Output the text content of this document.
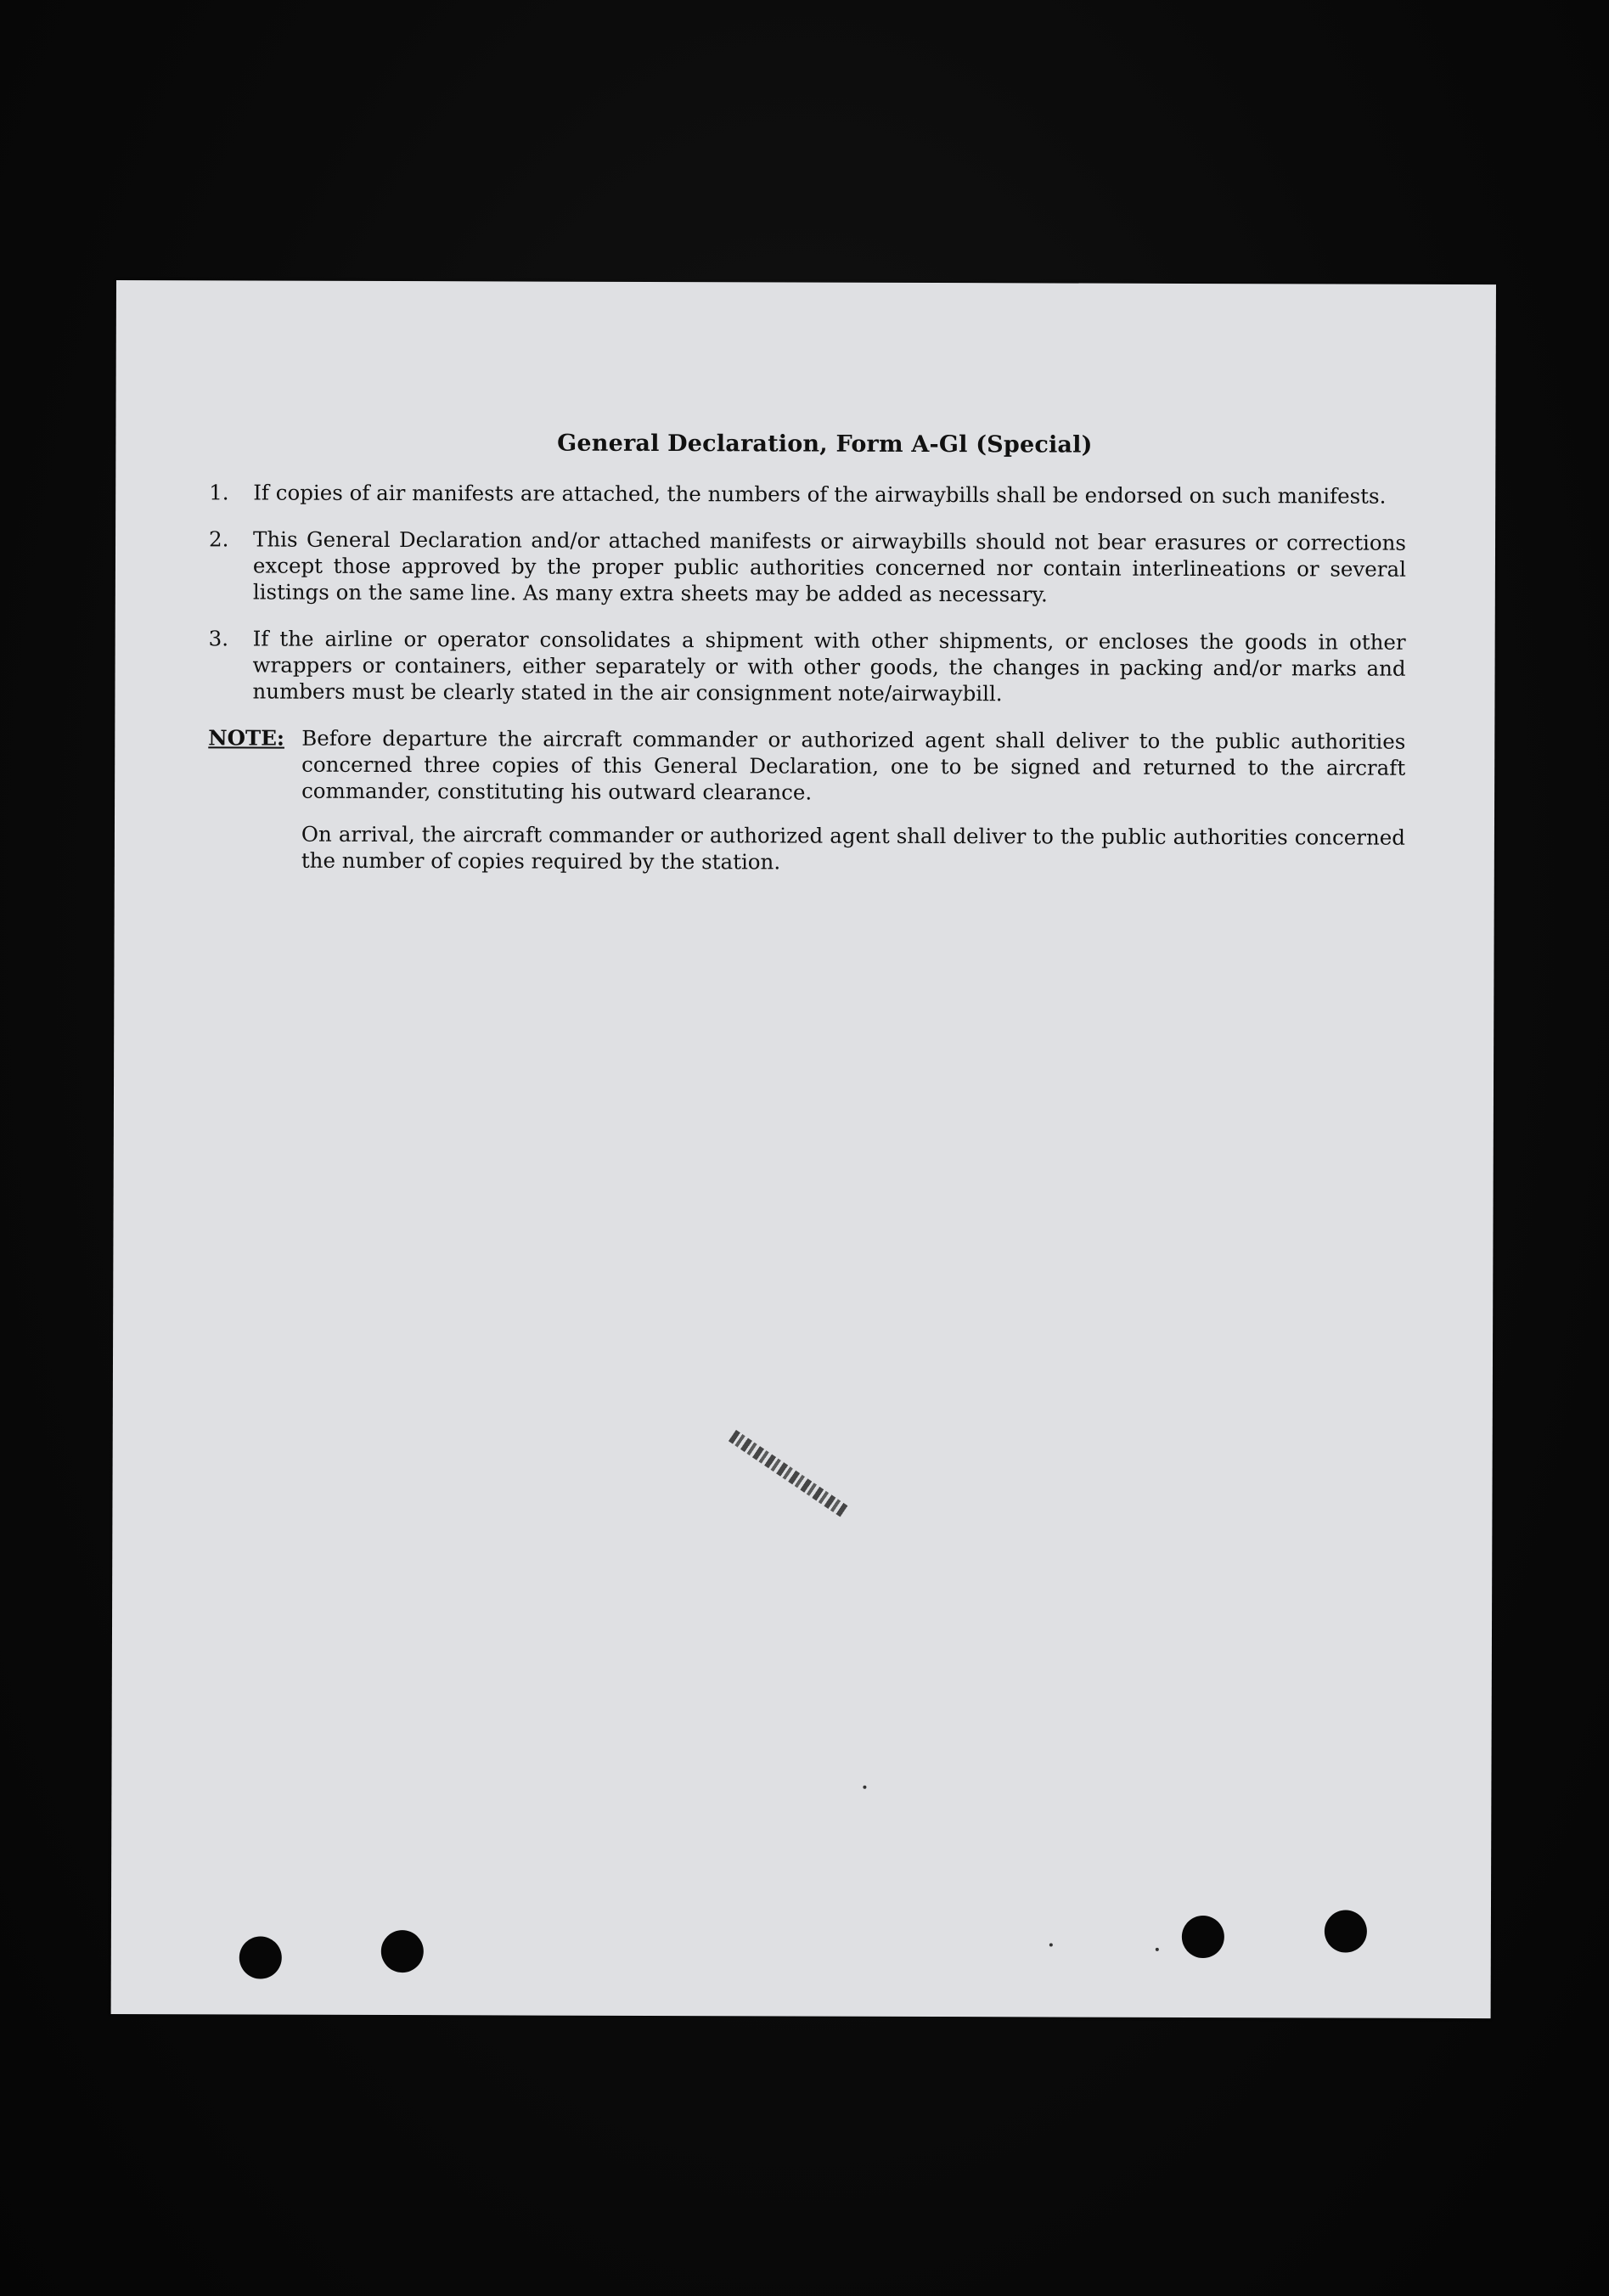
General Declaration, Form A-Gl (Special)
1.	If copies of air manifests are attached, the numbers of the airwaybills shall be endorsed on such manifests.
2.	This General Declaration and/or attached manifests or airwaybills should not bear erasures or corrections except those approved by the proper public authorities concerned nor contain interlineations or several listings on the same line. As many extra sheets may be added as necessary.
3.	If the airline or operator consolidates a shipment with other shipments, or encloses the goods in other wrappers or containers, either separately or with other goods, the changes in packing and/or marks and numbers must be clearly stated in the air consignment note/airwaybill.
NOTE: Before departure the aircraft commander or authorized agent shall deliver to the public authorities concerned three copies of this General Declaration, one to be signed and returned to the aircraft commander, constituting his outward clearance.

On arrival, the aircraft commander or authorized agent shall deliver to the public authorities concerned the number of copies required by the station.
